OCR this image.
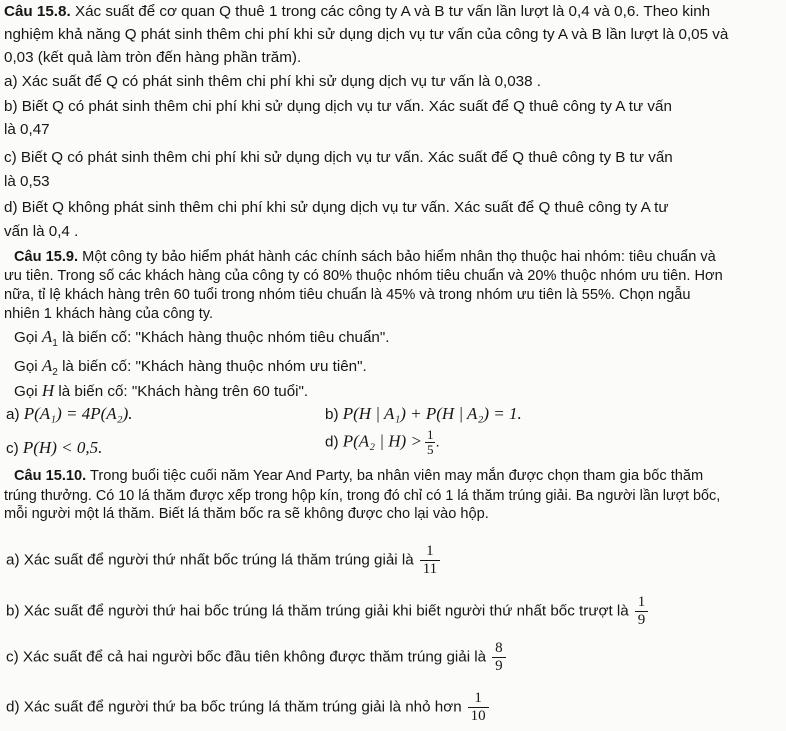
Câu 15.8. Xác suất để cơ quan Q thuê 1 trong các công ty A và B tư vấn lần lượt là 0,4 và 0,6. Theo kinh
nghiệm khả năng Q phát sinh thêm chi phí khi sử dụng dịch vụ tư vấn của công ty A và B lần lượt là 0,05 và
0,03 (kết quả làm tròn đến hàng phần trăm).
a) Xác suất để Q có phát sinh thêm chi phí khi sử dụng dịch vụ tư vấn là 0,038 .
b) Biết Q có phát sinh thêm chi phí khi sử dụng dịch vụ tư vấn. Xác suất để Q thuê công ty A tư vấn
là 0,47
c) Biết Q có phát sinh thêm chi phí khi sử dụng dịch vụ tư vấn. Xác suất để Q thuê công ty B tư vấn
là 0,53
d) Biết Q không phát sinh thêm chi phí khi sử dụng dịch vụ tư vấn. Xác suất để Q thuê công ty A tư
vấn là 0,4 .
Câu 15.9. Một công ty bảo hiểm phát hành các chính sách bảo hiểm nhân thọ thuộc hai nhóm: tiêu chuẩn và
ưu tiên. Trong số các khách hàng của công ty có 80% thuộc nhóm tiêu chuẩn và 20% thuộc nhóm ưu tiên. Hơn
nữa, tỉ lệ khách hàng trên 60 tuổi trong nhóm tiêu chuẩn là 45% và trong nhóm ưu tiên là 55%. Chọn ngẫu
nhiên 1 khách hàng của công ty.
Gọi $A_1$ là biến cố: "Khách hàng thuộc nhóm tiêu chuẩn".
Gọi $A_2$ là biến cố: "Khách hàng thuộc nhóm ưu tiên".
Gọi H là biến cố: "Khách hàng trên 60 tuổi".
a) P(A₁) = 4P(A₂).	b) P(H | A₁) + P(H | A₂) = 1.
c) P(H) < 0,5.	d) P(A₂ | $H) > \frac{1}{5}$ .
Câu 15.10. Trong buổi tiệc cuối năm Year And Party, ba nhân viên may mắn được chọn tham gia bốc thăm
trúng thưởng. Có 10 lá thăm được xếp trong hộp kín, trong đó chỉ có 1 lá thăm trúng giải. Ba người lần lượt bốc,
mỗi người một lá thăm. Biết lá thăm bốc ra sẽ không được cho lại vào hộp.
a) Xác suất để người thứ nhất bốc trúng lá thăm trúng giải là $\frac{1}{11}$
b) Xác suất để người thứ hai bốc trúng lá thăm trúng giải khi biết người thứ nhất bốc trượt là $\frac{1}{9}$
c) Xác suất để cả hai người bốc đầu tiên không được thăm trúng giải là $\frac{8}{9}$
d) Xác suất để người thứ ba bốc trúng lá thăm trúng giải là nhỏ hơn $\frac{1}{10}$
